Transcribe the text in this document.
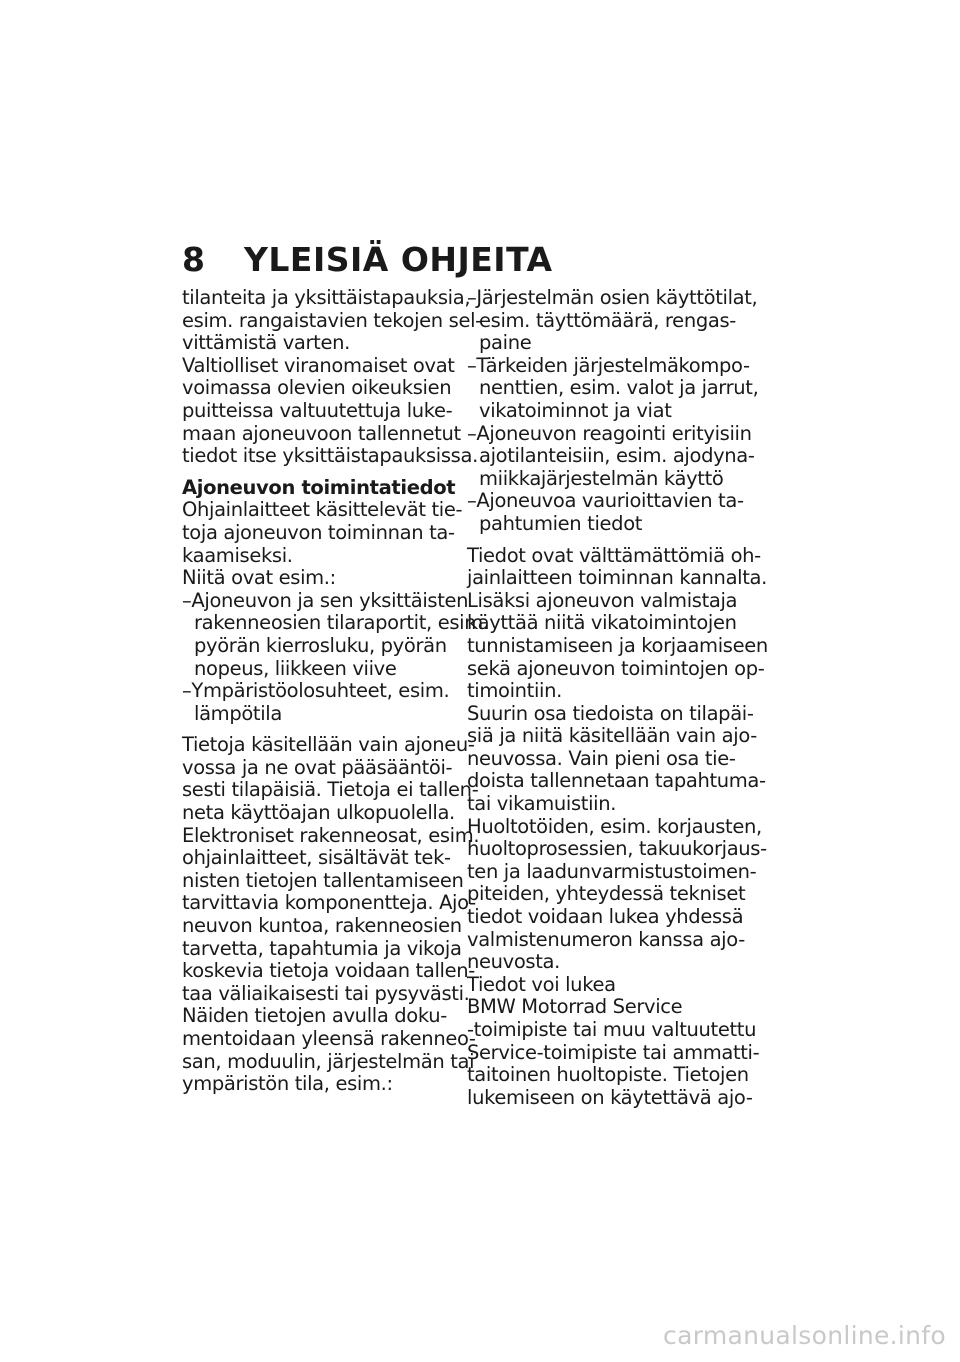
8 YLEISIÄ OHJEITA
tilanteita ja yksittäistapauksia,
esim. rangaistavien tekojen sel-
vittämistä varten.
Valtiolliset viranomaiset ovat
voimassa olevien oikeuksien
puitteissa valtuutettuja luke-
maan ajoneuvoon tallennetut
tiedot itse yksittäistapauksissa.
Ajoneuvon toimintatiedot
Ohjainlaitteet käsittelevät tie-
toja ajoneuvon toiminnan ta-
kaamiseksi.
Niitä ovat esim.:
–Ajoneuvon ja sen yksittäisten
rakenneosien tilaraportit, esim.
pyörän kierrosluku, pyörän
nopeus, liikkeen viive
–Ympäristöolosuhteet, esim.
lämpötila
Tietoja käsitellään vain ajoneu-
vossa ja ne ovat pääsääntöi-
sesti tilapäisiä. Tietoja ei tallen-
neta käyttöajan ulkopuolella.
Elektroniset rakenneosat, esim.
ohjainlaitteet, sisältävät tek-
nisten tietojen tallentamiseen
tarvittavia komponentteja. Ajo-
neuvon kuntoa, rakenneosien
tarvetta, tapahtumia ja vikoja
koskevia tietoja voidaan tallen-
taa väliaikaisesti tai pysyvästi.
Näiden tietojen avulla doku-
mentoidaan yleensä rakenneo-
san, moduulin, järjestelmän tai
ympäristön tila, esim.:
–Järjestelmän osien käyttötilat,
esim. täyttömäärä, rengas-
paine
–Tärkeiden järjestelmäkompo-
nenttien, esim. valot ja jarrut,
vikatoiminnot ja viat
–Ajoneuvon reagointi erityisiin
ajotilanteisiin, esim. ajodyna-
miikkajärjestelmän käyttö
–Ajoneuvoa vaurioittavien ta-
pahtumien tiedot
Tiedot ovat välttämättömiä oh-
jainlaitteen toiminnan kannalta.
Lisäksi ajoneuvon valmistaja
käyttää niitä vikatoimintojen
tunnistamiseen ja korjaamiseen
sekä ajoneuvon toimintojen op-
timointiin.
Suurin osa tiedoista on tilapäi-
siä ja niitä käsitellään vain ajo-
neuvossa. Vain pieni osa tie-
doista tallennetaan tapahtuma-
tai vikamuistiin.
Huoltotöiden, esim. korjausten,
huoltoprosessien, takuukorjaus-
ten ja laadunvarmistustoimen-
piteiden, yhteydessä tekniset
tiedot voidaan lukea yhdessä
valmistenumeron kanssa ajo-
neuvosta.
Tiedot voi lukea
BMW Motorrad Service
-toimipiste tai muu valtuutettu
Service-toimipiste tai ammatti-
taitoinen huoltopiste. Tietojen
lukemiseen on käytettävä ajo-
carmanualsonline.info
